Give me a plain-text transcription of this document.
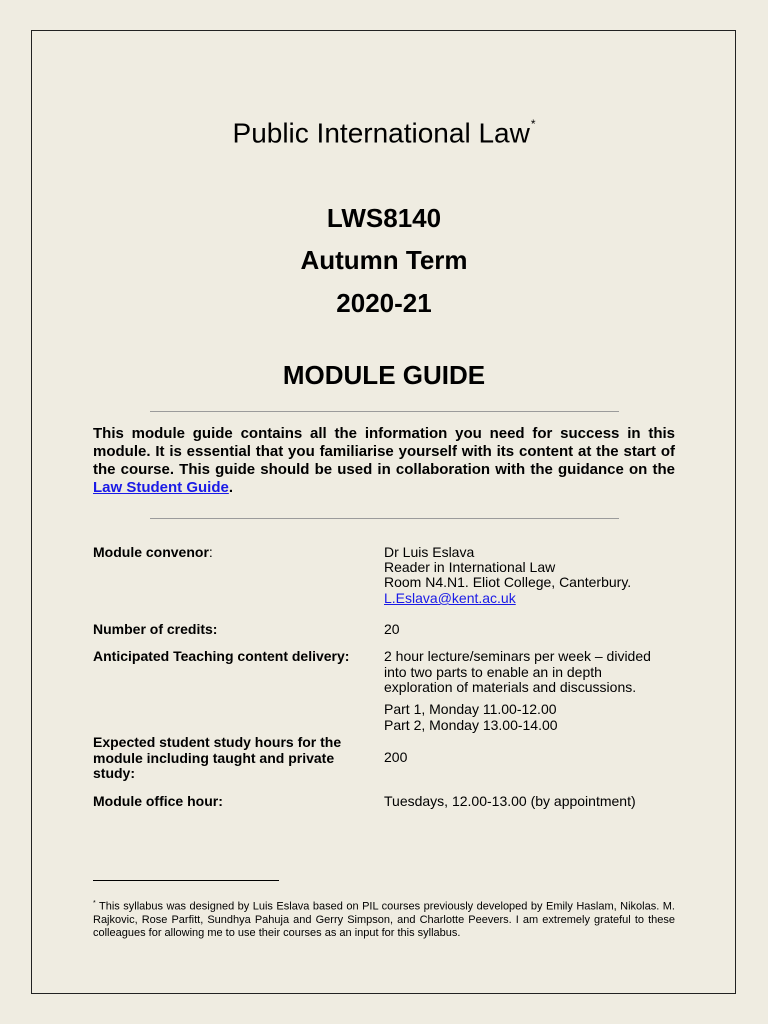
Public International Law*
LWS8140
Autumn Term
2020-21
MODULE GUIDE
This module guide contains all the information you need for success in this module. It is essential that you familiarise yourself with its content at the start of the course. This guide should be used in collaboration with the guidance on the Law Student Guide.
Module convenor:	Dr Luis Eslava
Reader in International Law
Room N4.N1. Eliot College, Canterbury.
L.Eslava@kent.ac.uk
Number of credits:	20
Anticipated Teaching content delivery:	2 hour lecture/seminars per week – divided into two parts to enable an in depth exploration of materials and discussions.
Part 1, Monday 11.00-12.00
Part 2, Monday 13.00-14.00
Expected student study hours for the module including taught and private study:
200
Module office hour:	Tuesdays, 12.00-13.00 (by appointment)
* This syllabus was designed by Luis Eslava based on PIL courses previously developed by Emily Haslam, Nikolas. M. Rajkovic, Rose Parfitt, Sundhya Pahuja and Gerry Simpson, and Charlotte Peevers. I am extremely grateful to these colleagues for allowing me to use their courses as an input for this syllabus.
